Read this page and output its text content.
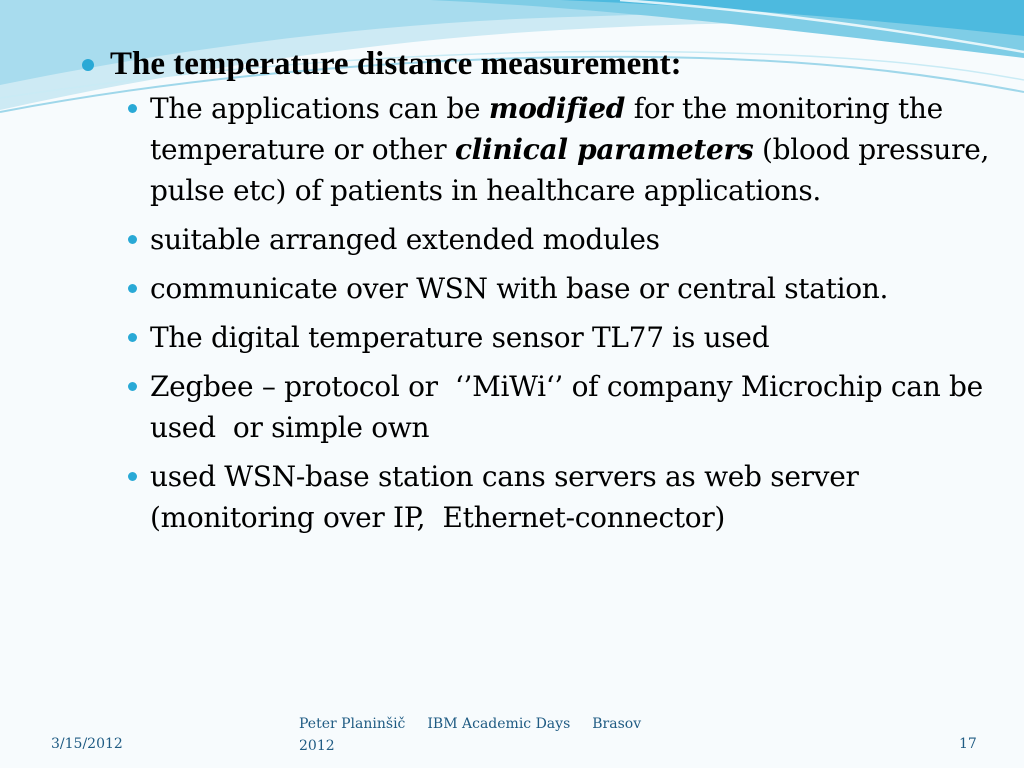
The temperature distance measurement:
The applications can be modified for the monitoring the temperature or other clinical parameters (blood pressure, pulse etc) of patients in healthcare applications.
suitable arranged extended modules
communicate over WSN with base or central station.
The digital temperature sensor TL77 is used
Zegbee – protocol or  ‘’MiWi‘’ of company Microchip can be used  or simple own
used WSN-base station cans servers as web server (monitoring over IP,  Ethernet-connector)
3/15/2012
Peter Planinšič IBM Academic Days Brasov
2012	17
